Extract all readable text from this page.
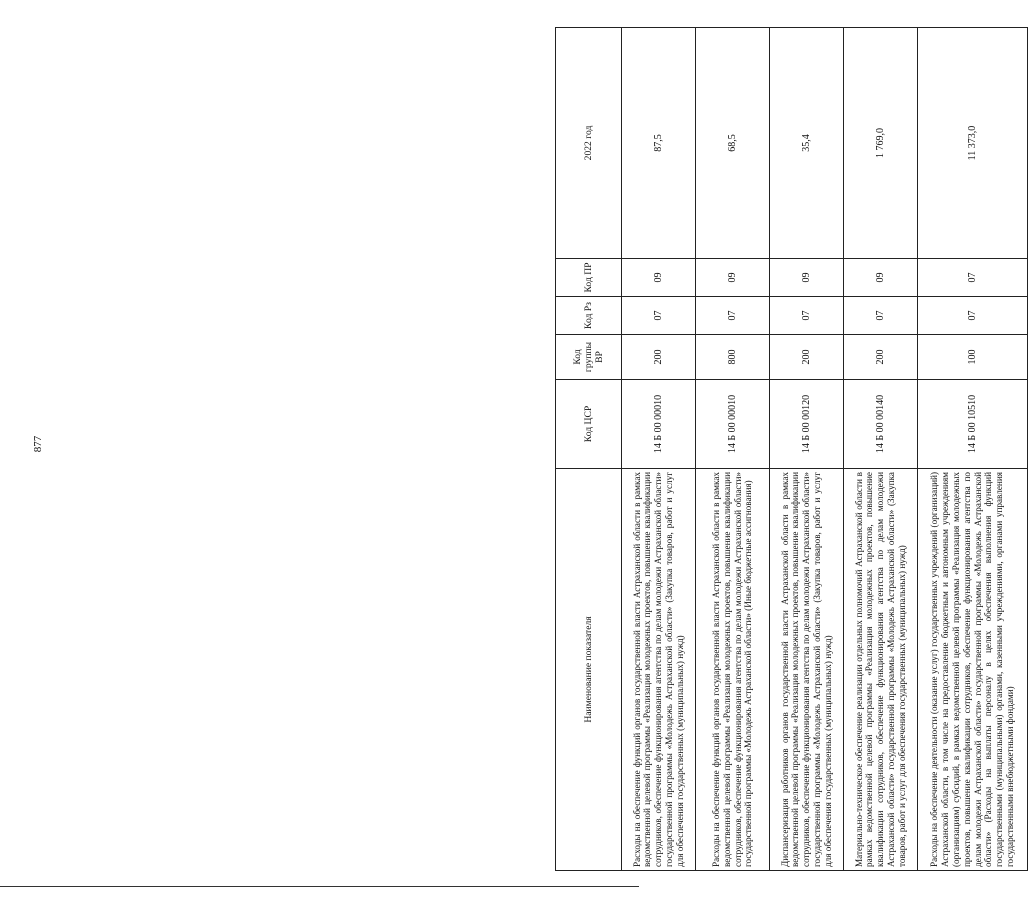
877
Наименование показателя	Код ЦСР	Код группы ВР	Код Рз	Код ПР	2022 год
Расходы на обеспечение функций органов государственной власти Астраханской области в рамках ведомственной целевой программы «Реализация молодежных проектов, повышение квалификации сотрудников, обеспечение функционирования агентства по делам молодежи Астраханской области» государственной программы «Молодежь Астраханской области» (Закупка товаров, работ и услуг для обеспечения государственных (муниципальных) нужд)	14 Б 00 00010	200	07	09	87,5
Расходы на обеспечение функций органов государственной власти Астраханской области в рамках ведомственной целевой программы «Реализация молодежных проектов, повышение квалификации сотрудников, обеспечение функционирования агентства по делам молодежи Астраханской области» государственной программы «Молодежь Астраханской области» (Иные бюджетные ассигнования)	14 Б 00 00010	800	07	09	68,5
Диспансеризация работников органов государственной власти Астраханской области в рамках ведомственной целевой программы «Реализация молодежных проектов, повышение квалификации сотрудников, обеспечение функционирования агентства по делам молодежи Астраханской области» государственной программы «Молодежь Астраханской области» (Закупка товаров, работ и услуг для обеспечения государственных (муниципальных) нужд)	14 Б 00 00120	200	07	09	35,4
Материально-техническое обеспечение реализации отдельных полномочий Астраханской области в рамках ведомственной целевой программы «Реализация молодежных проектов, повышение квалификации сотрудников, обеспечение функционирования агентства по делам молодежи Астраханской области» государственной программы «Молодежь Астраханской области» (Закупка товаров, работ и услуг для обеспечения государственных (муниципальных) нужд)	14 Б 00 00140	200	07	09	1 769,0
Расходы на обеспечение деятельности (оказание услуг) государственных учреждений (организаций) Астраханской области, в том числе на предоставление бюджетным и автономным учреждениям (организациям) субсидий, в рамках ведомственной целевой программы «Реализация молодежных проектов, повышение квалификации сотрудников, обеспечение функционирования агентства по делам молодежи Астраханской области» государственной программы «Молодежь Астраханской области» (Расходы на выплаты персоналу в целях обеспечения выполнения функций государственными (муниципальными) органами, казенными учреждениями, органами управления государственными внебюджетными фондами)	14 Б 00 10510	100	07	07	11 373,0
